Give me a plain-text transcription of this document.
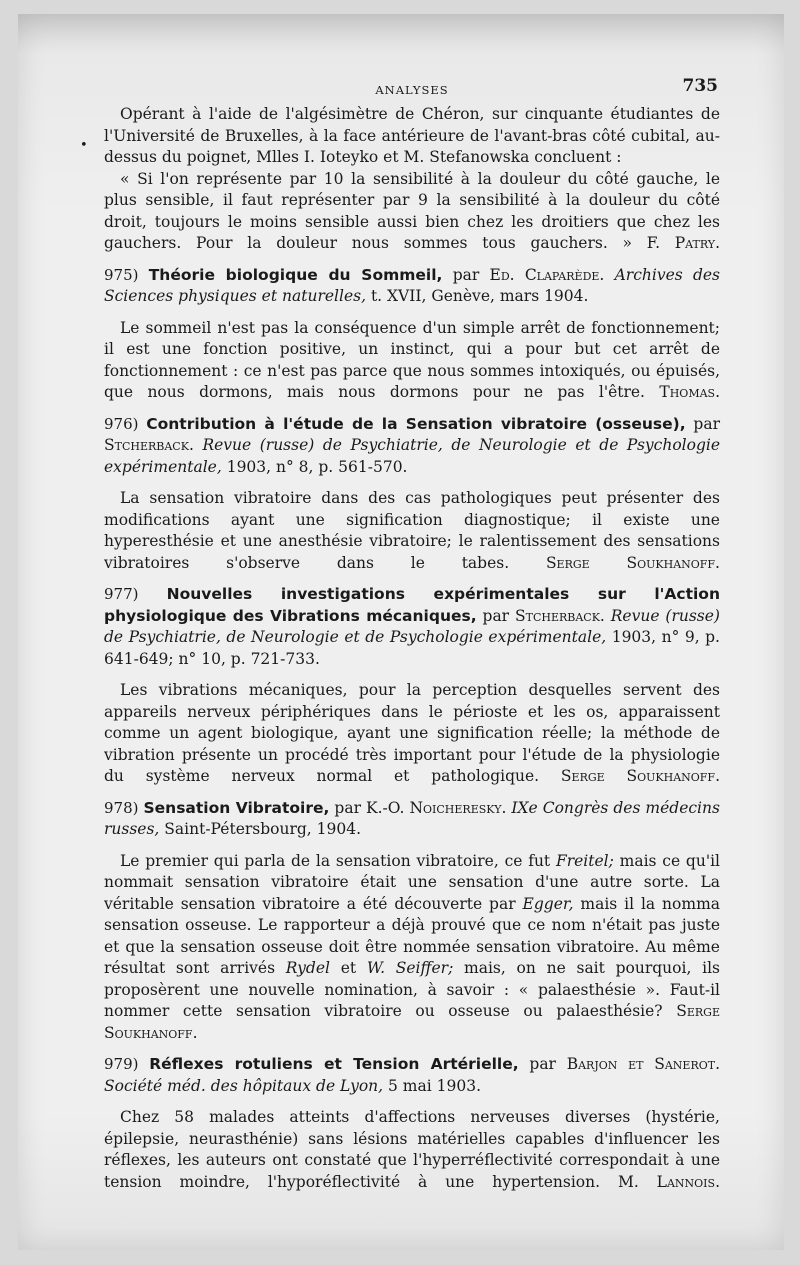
•
ANALYSES	735

Opérant à l'aide de l'algésimètre de Chéron, sur cinquante étudiantes de l'Université de Bruxelles, à la face antérieure de l'avant-bras côté cubital, au-dessus du poignet, Mlles I. Ioteyko et M. Stefanowska concluent :

« Si l'on représente par 10 la sensibilité à la douleur du côté gauche, le plus sensible, il faut représenter par 9 la sensibilité à la douleur du côté droit, toujours le moins sensible aussi bien chez les droitiers que chez les gauchers. Pour la douleur nous sommes tous gauchers. » F. Patry.

975) Théorie biologique du Sommeil, par Ed. Claparède. Archives des Sciences physiques et naturelles, t. XVII, Genève, mars 1904.

Le sommeil n'est pas la conséquence d'un simple arrêt de fonctionnement; il est une fonction positive, un instinct, qui a pour but cet arrêt de fonctionnement : ce n'est pas parce que nous sommes intoxiqués, ou épuisés, que nous dormons, mais nous dormons pour ne pas l'être. Thomas.

976) Contribution à l'étude de la Sensation vibratoire (osseuse), par Stcherback. Revue (russe) de Psychiatrie, de Neurologie et de Psychologie expérimentale, 1903, n° 8, p. 561-570.

La sensation vibratoire dans des cas pathologiques peut présenter des modifications ayant une signification diagnostique; il existe une hyperesthésie et une anesthésie vibratoire; le ralentissement des sensations vibratoires s'observe dans le tabes. Serge Soukhanoff.

977) Nouvelles investigations expérimentales sur l'Action physiologique des Vibrations mécaniques, par Stcherback. Revue (russe) de Psychiatrie, de Neurologie et de Psychologie expérimentale, 1903, n° 9, p. 641-649; n° 10, p. 721-733.

Les vibrations mécaniques, pour la perception desquelles servent des appareils nerveux périphériques dans le périoste et les os, apparaissent comme un agent biologique, ayant une signification réelle; la méthode de vibration présente un procédé très important pour l'étude de la physiologie du système nerveux normal et pathologique. Serge Soukhanoff.

978) Sensation Vibratoire, par K.-O. Noicheresky. IXe Congrès des médecins russes, Saint-Pétersbourg, 1904.

Le premier qui parla de la sensation vibratoire, ce fut Freitel; mais ce qu'il nommait sensation vibratoire était une sensation d'une autre sorte. La véritable sensation vibratoire a été découverte par Egger, mais il la nomma sensation osseuse. Le rapporteur a déjà prouvé que ce nom n'était pas juste et que la sensation osseuse doit être nommée sensation vibratoire. Au même résultat sont arrivés Rydel et W. Seiffer; mais, on ne sait pourquoi, ils proposèrent une nouvelle nomination, à savoir : « palaesthésie ». Faut-il nommer cette sensation vibratoire ou osseuse ou palaesthésie? Serge Soukhanoff.

979) Réflexes rotuliens et Tension Artérielle, par Barjon et Sanerot. Société méd. des hôpitaux de Lyon, 5 mai 1903.

Chez 58 malades atteints d'affections nerveuses diverses (hystérie, épilepsie, neurasthénie) sans lésions matérielles capables d'influencer les réflexes, les auteurs ont constaté que l'hyperréflectivité correspondait à une tension moindre, l'hyporéflectivité à une hypertension. M. Lannois.
